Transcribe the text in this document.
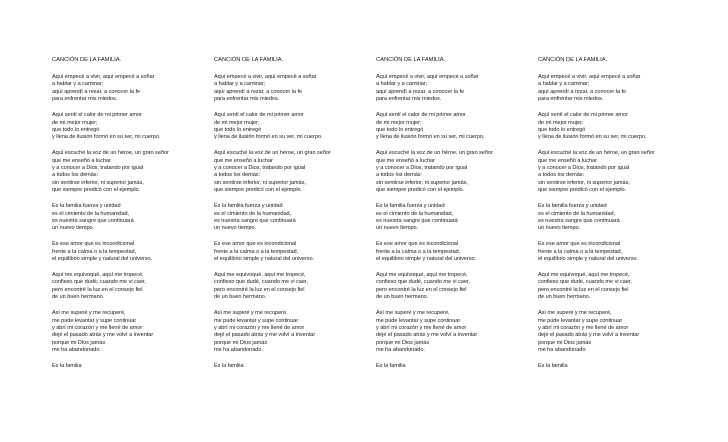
CANCIÓN DE LA FAMILIA.
Aquí empecé a vivir, aquí empecé a soñar
a hablar y a caminar;
aquí aprendí a rezar, a conocer la fe
para enfrentar mis miedos.
Aquí sentí el calor de mi primer amor
de mi mejor mujer;
que todo lo entregó
y llena de ilusión formó en su ser, mi cuerpo.
Aquí escuché la voz de un héroe, un gran señor
que me enseñó a luchar
y a conocer a Dios, tratando por igual
a todos los demás:
sin sentirse inferior, ni superior jamás,
que siempre predicó con el ejemplo.
Es la familia fuerza y unidad
es el cimiento de la humanidad,
es nuestra sangre que continuará
un nuevo tiempo.
Es ese amor que es incondicional
frente a la calma o a la tempestad,
el equilibrio simple y natural del universo.
Aquí me equivoqué, aquí me tropecé,
confieso que dudé, cuando me vi caer,
pero encontré la luz en el consejo fiel
de un buen hermano.
Así me superé y me recuperé,
me pude levantar y supe continuar
y abrí mi corazón y me llené de amor
dejé el pasado atrás y me volví a inventar
porque mi Dios jamás
me ha abandonado.
Es la familia
CANCIÓN DE LA FAMILIA.
Aquí empecé a vivir, aquí empecé a soñar
a hablar y a caminar;
aquí aprendí a rezar, a conocer la fe
para enfrentar mis miedos.
Aquí sentí el calor de mi primer amor
de mi mejor mujer;
que todo lo entregó
y llena de ilusión formó en su ser, mi cuerpo.
Aquí escuché la voz de un héroe, un gran señor
que me enseñó a luchar
y a conocer a Dios, tratando por igual
a todos los demás:
sin sentirse inferior, ni superior jamás,
que siempre predicó con el ejemplo.
Es la familia fuerza y unidad
es el cimiento de la humanidad,
es nuestra sangre que continuará
un nuevo tiempo.
Es ese amor que es incondicional
frente a la calma o a la tempestad,
el equilibrio simple y natural del universo.
Aquí me equivoqué, aquí me tropecé,
confieso que dudé, cuando me vi caer,
pero encontré la luz en el consejo fiel
de un buen hermano.
Así me superé y me recuperé,
me pude levantar y supe continuar
y abrí mi corazón y me llené de amor
dejé el pasado atrás y me volví a inventar
porque mi Dios jamás
me ha abandonado.
Es la familia
CANCIÓN DE LA FAMILIA.
Aquí empecé a vivir, aquí empecé a soñar
a hablar y a caminar;
aquí aprendí a rezar, a conocer la fe
para enfrentar mis miedos.
Aquí sentí el calor de mi primer amor
de mi mejor mujer;
que todo lo entregó
y llena de ilusión formó en su ser, mi cuerpo.
Aquí escuché la voz de un héroe, un gran señor
que me enseñó a luchar
y a conocer a Dios, tratando por igual
a todos los demás:
sin sentirse inferior, ni superior jamás,
que siempre predicó con el ejemplo.
Es la familia fuerza y unidad
es el cimiento de la humanidad,
es nuestra sangre que continuará
un nuevo tiempo.
Es ese amor que es incondicional
frente a la calma o a la tempestad,
el equilibrio simple y natural del universo.
Aquí me equivoqué, aquí me tropecé,
confieso que dudé, cuando me vi caer,
pero encontré la luz en el consejo fiel
de un buen hermano.
Así me superé y me recuperé,
me pude levantar y supe continuar
y abrí mi corazón y me llené de amor
dejé el pasado atrás y me volví a inventar
porque mi Dios jamás
me ha abandonado.
Es la familia
CANCIÓN DE LA FAMILIA.
Aquí empecé a vivir, aquí empecé a soñar
a hablar y a caminar;
aquí aprendí a rezar, a conocer la fe
para enfrentar mis miedos.
Aquí sentí el calor de mi primer amor
de mi mejor mujer;
que todo lo entregó
y llena de ilusión formó en su ser, mi cuerpo.
Aquí escuché la voz de un héroe, un gran señor
que me enseñó a luchar
y a conocer a Dios, tratando por igual
a todos los demás:
sin sentirse inferior, ni superior jamás,
que siempre predicó con el ejemplo.
Es la familia fuerza y unidad
es el cimiento de la humanidad,
es nuestra sangre que continuará
un nuevo tiempo.
Es ese amor que es incondicional
frente a la calma o a la tempestad,
el equilibrio simple y natural del universo.
Aquí me equivoqué, aquí me tropecé,
confieso que dudé, cuando me vi caer,
pero encontré la luz en el consejo fiel
de un buen hermano.
Así me superé y me recuperé,
me pude levantar y supe continuar
y abrí mi corazón y me llené de amor
dejé el pasado atrás y me volví a inventar
porque mi Dios jamás
me ha abandonado.
Es la familia
